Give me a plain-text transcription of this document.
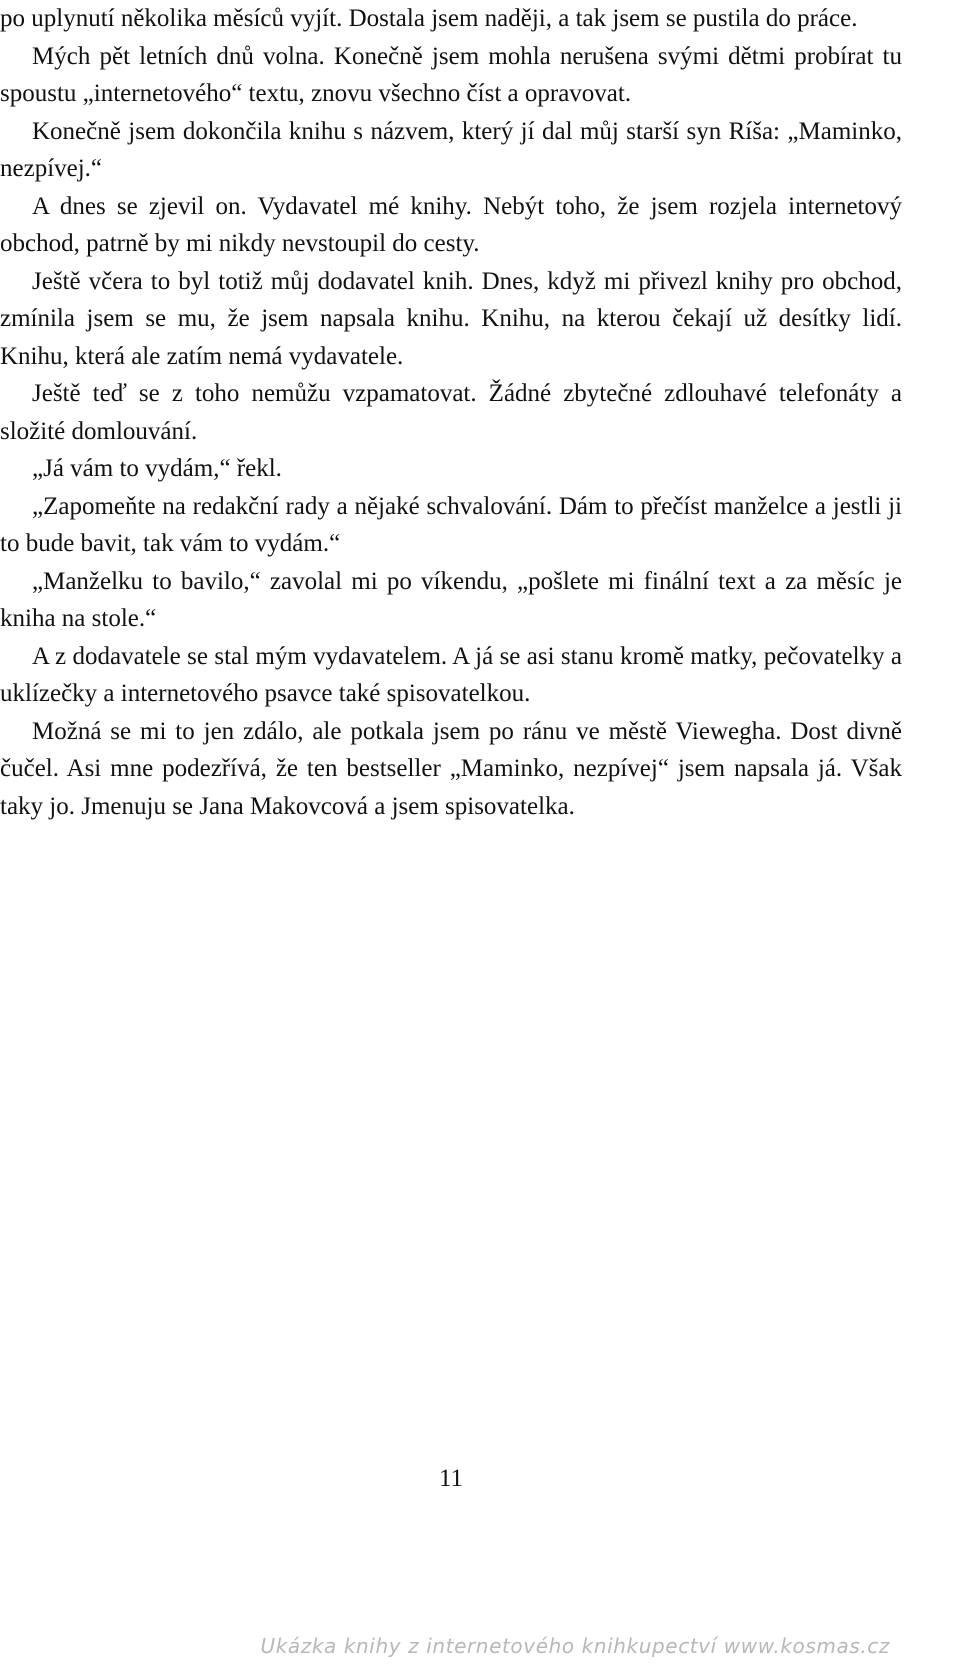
po uplynutí několika měsíců vyjít. Dostala jsem naději, a tak jsem se pustila do práce.

Mých pět letních dnů volna. Konečně jsem mohla nerušena svými dětmi probírat tu spoustu „internetového“ textu, znovu všechno číst a opravovat.

Konečně jsem dokončila knihu s názvem, který jí dal můj starší syn Ríša: „Maminko, nezpívej.“

A dnes se zjevil on. Vydavatel mé knihy. Nebýt toho, že jsem rozjela internetový obchod, patrně by mi nikdy nevstoupil do cesty.

Ještě včera to byl totiž můj dodavatel knih. Dnes, když mi přivezl knihy pro obchod, zmínila jsem se mu, že jsem napsala knihu. Knihu, na kterou čekají už desítky lidí. Knihu, která ale zatím nemá vydavatele.

Ještě teď se z toho nemůžu vzpamatovat. Žádné zbytečné zdlouhavé telefonáty a složité domlouvání.

„Já vám to vydám,“ řekl.

„Zapomeňte na redakční rady a nějaké schvalování. Dám to přečíst manželce a jestli ji to bude bavit, tak vám to vydám.“

„Manželku to bavilo,“ zavolal mi po víkendu, „pošlete mi finální text a za měsíc je kniha na stole.“

A z dodavatele se stal mým vydavatelem. A já se asi stanu kromě matky, pečovatelky a uklízečky a internetového psavce také spisovatelkou.

Možná se mi to jen zdálo, ale potkala jsem po ránu ve městě Viewegha. Dost divně čučel. Asi mne podezřívá, že ten bestseller „Maminko, nezpívej“ jsem napsala já. Však taky jo. Jmenuju se Jana Makovcová a jsem spisovatelka.

11
Ukázka knihy z internetového knihkupectví www.kosmas.cz
